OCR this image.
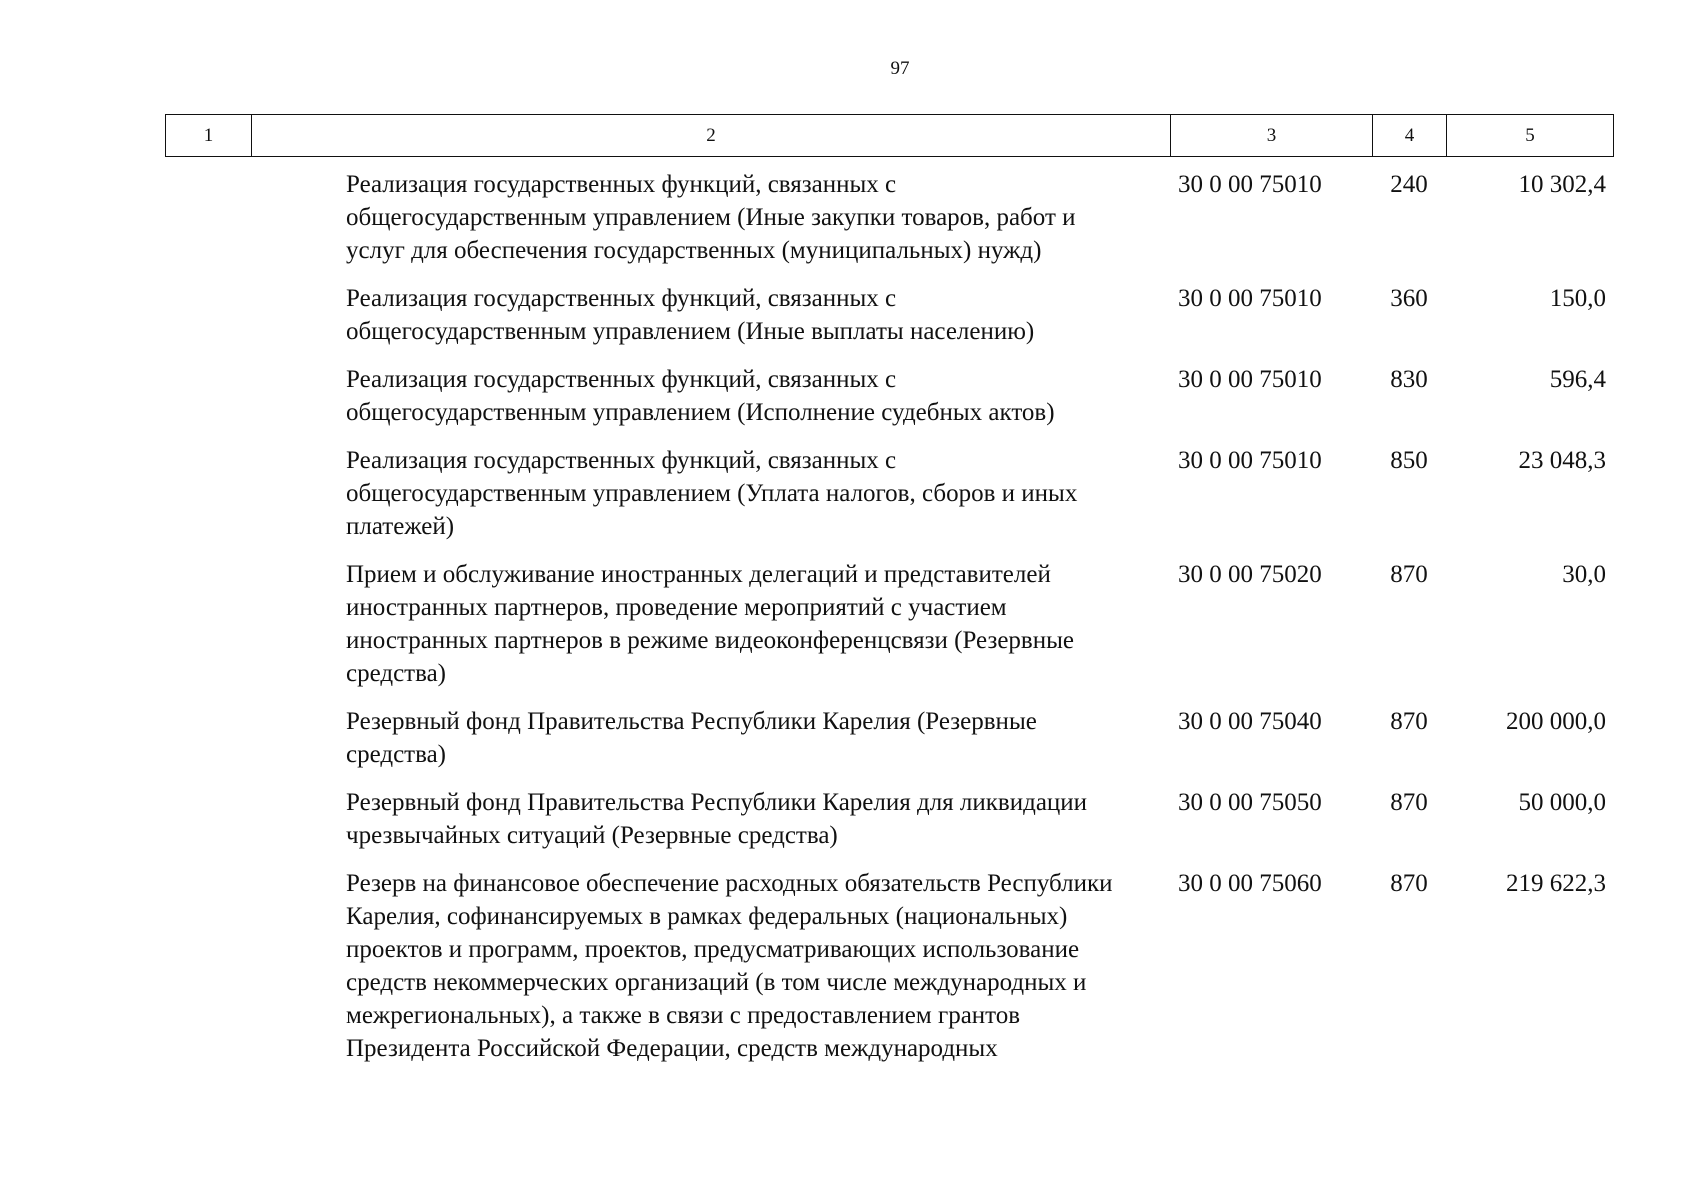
97
1	2	3	4	5
Реализация государственных функций, связанных с
общегосударственным управлением (Иные закупки товаров, работ и
услуг для обеспечения государственных (муниципальных) нужд)
30 0 00 75010	240	10 302,4
Реализация государственных функций, связанных с
общегосударственным управлением (Иные выплаты населению)
30 0 00 75010	360	150,0
Реализация государственных функций, связанных с
общегосударственным управлением (Исполнение судебных актов)
30 0 00 75010	830	596,4
Реализация государственных функций, связанных с
общегосударственным управлением (Уплата налогов, сборов и иных
платежей)
30 0 00 75010	850	23 048,3
Прием и обслуживание иностранных делегаций и представителей
иностранных партнеров, проведение мероприятий с участием
иностранных партнеров в режиме видеоконференцсвязи (Резервные
средства)
30 0 00 75020	870	30,0
Резервный фонд Правительства Республики Карелия (Резервные
средства)
30 0 00 75040	870	200 000,0
Резервный фонд Правительства Республики Карелия для ликвидации
чрезвычайных ситуаций (Резервные средства)
30 0 00 75050	870	50 000,0
Резерв на финансовое обеспечение расходных обязательств Республики
Карелия, софинансируемых в рамках федеральных (национальных)
проектов и программ, проектов, предусматривающих использование
средств некоммерческих организаций (в том числе международных и
межрегиональных), а также в связи с предоставлением грантов
Президента Российской Федерации, средств международных
30 0 00 75060	870	219 622,3
